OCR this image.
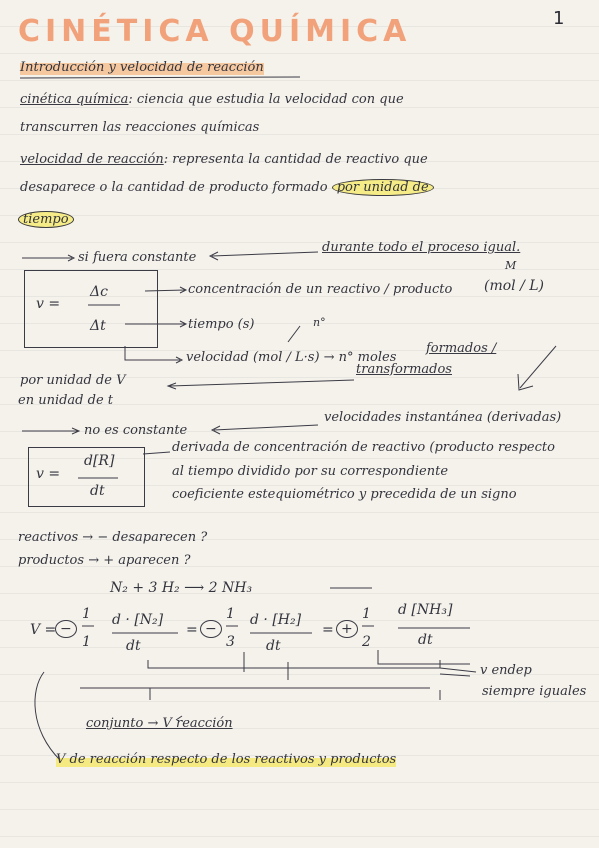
CINÉTICA QUÍMICA	1
Introducción y velocidad de reacción
cinética química: ciencia que estudia la velocidad con que
transcurren las reacciones químicas
velocidad de reacción: representa la cantidad de reactivo que
desaparece o la cantidad de producto formado por unidad de
tiempo
si fuera constante
durante todo el proceso igual.
v =
Δc
Δt
concentración de un reactivo / producto (mol / L)
M
tiempo (s)	n°
velocidad (mol / L·s) → n° moles
formados /
transformados
por unidad de V
en unidad de t
no es constante
velocidades instantánea (derivadas)
v =
d[R]
dt
derivada de concentración de reactivo (producto respecto
al tiempo dividido por su correspondiente
coeficiente estequiométrico y precedida de un signo
reactivos → − desaparecen ?
productos → + aparecen ?
N₂ + 3 H₂ ⟶ 2 NH₃
V = −
1
1
d · [N₂]
dt
= −
1
3
d · [H₂]
dt
= +
1
2
d [NH₃]
dt
v endep
siempre iguales
conjunto → V reacción
V de reacción respecto de los reactivos y productos
